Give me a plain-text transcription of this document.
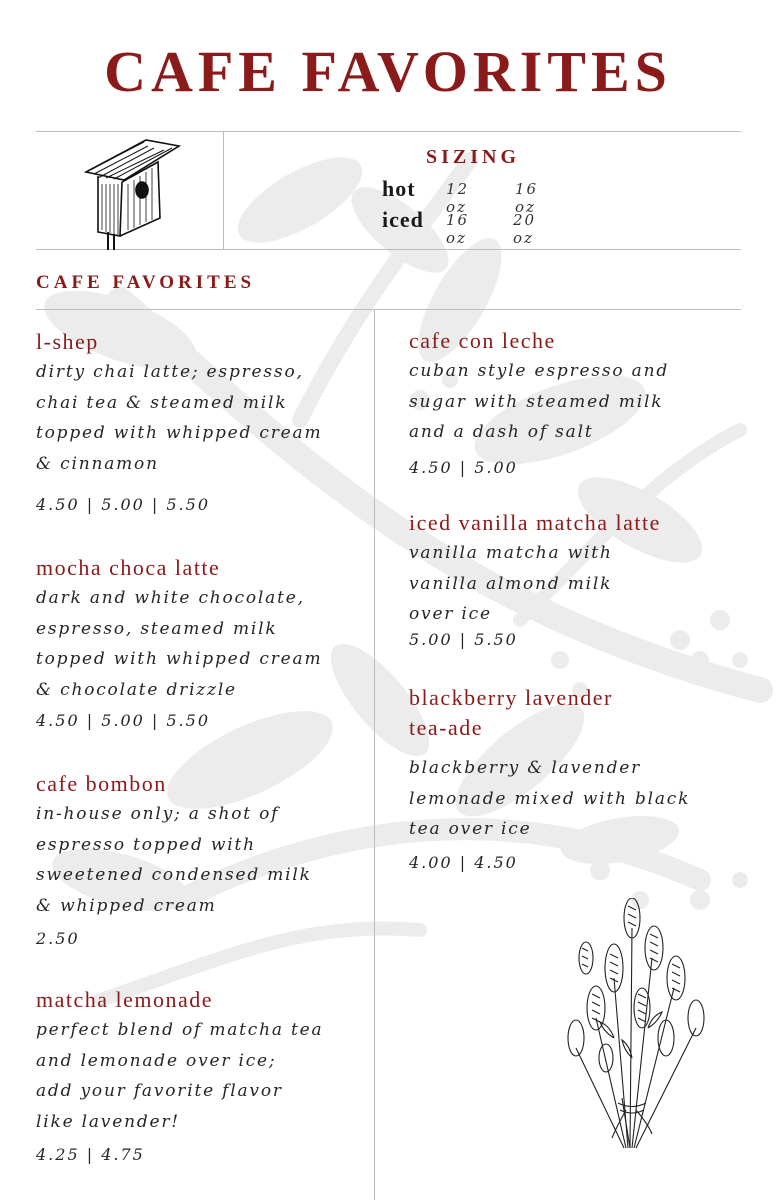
CAFE FAVORITES
SIZING
hot 12 oz
16 oz
iced 16 oz
20 oz
CAFE FAVORITES

l-shep

dirty chai latte; espresso,
chai tea & steamed milk
topped with whipped cream
& cinnamon

4.50 | 5.00 | 5.50

mocha choca latte

dark and white chocolate,
espresso, steamed milk
topped with whipped cream
& chocolate drizzle

4.50 | 5.00 | 5.50

cafe bombon

in-house only; a shot of
espresso topped with
sweetened condensed milk
& whipped cream

2.50

matcha lemonade

perfect blend of matcha tea
and lemonade over ice;
add your favorite flavor
like lavender!

4.25 | 4.75

cafe con leche

cuban style espresso and
sugar with steamed milk
and a dash of salt

4.50 | 5.00

iced vanilla matcha latte

vanilla matcha with
vanilla almond milk
over ice

5.00 | 5.50

blackberry lavender
tea-ade

blackberry & lavender
lemonade mixed with black
tea over ice

4.00 | 4.50
